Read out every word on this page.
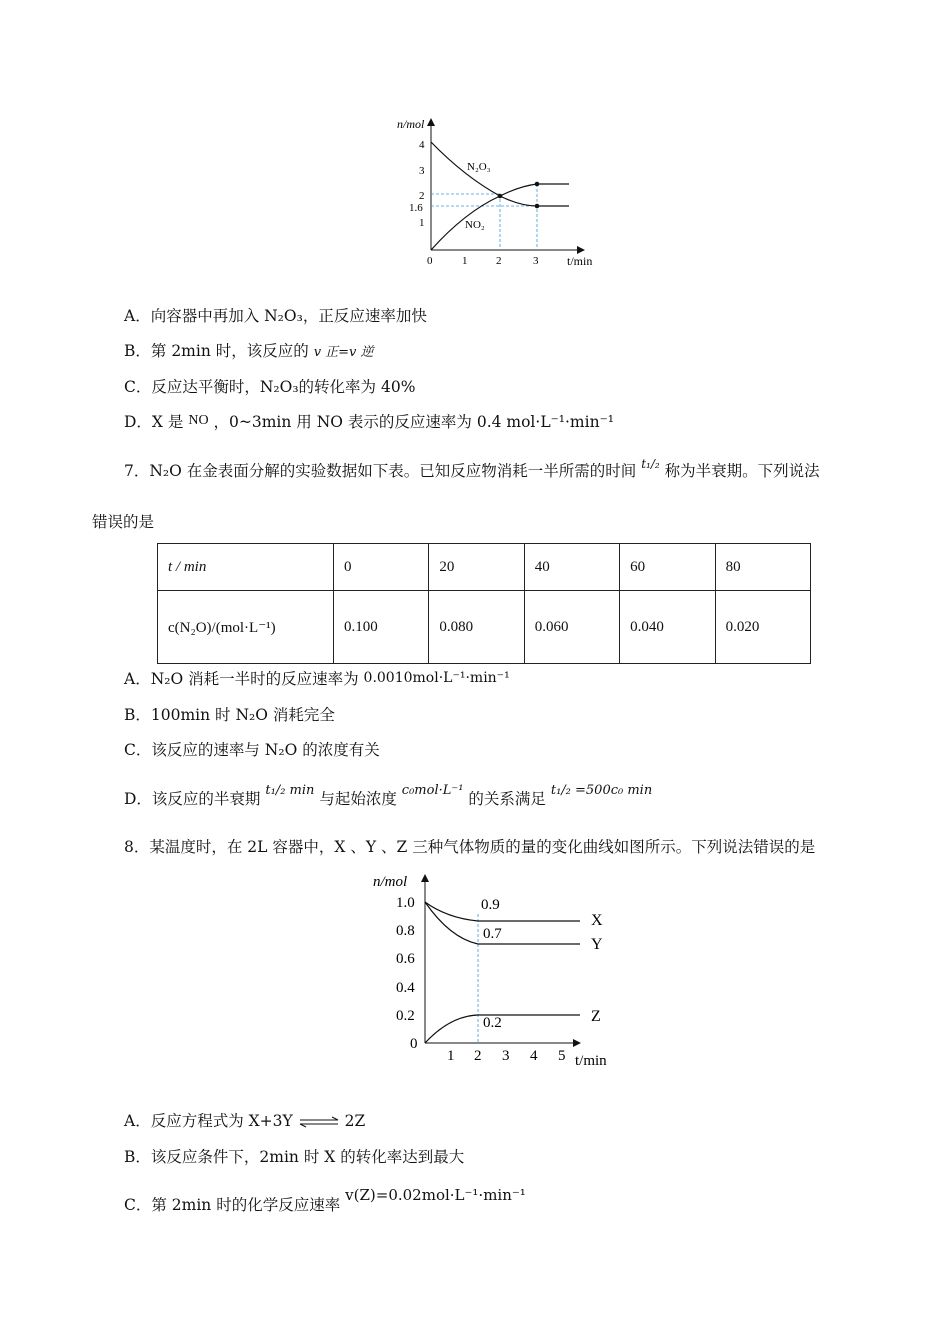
n/mol
t/min
4
3
2
1.6
1
0	1	2	3
N₂O₃
NO₂
A．向容器中再加入 N₂O₃，正反应速率加快
B．第 2min 时，该反应的 v 正=v 逆
C．反应达平衡时，N₂O₃的转化率为 40%
D．X 是 NO ，0~3min 用 NO 表示的反应速率为 0.4 mol·L⁻¹·min⁻¹
7．N₂O 在金表面分解的实验数据如下表。已知反应物消耗一半所需的时间 $^{t_1/_2}$ 称为半衰期。下列说法
错误的是
t / min	0	20	40	60	80
c(N₂O)/(mol·L⁻¹)	0.100	0.080	0.060	0.040	0.020
A．N₂O 消耗一半时的反应速率为 0.0010mol·L⁻¹·min⁻¹
B．100min 时 N₂O 消耗完全
C．该反应的速率与 N₂O 的浓度有关
D．该反应的半衰期 $^{t_1/_2 min}$ 与起始浓度 $^{c_0mol\cdot L^{-1}}$ 的关系满足 $^{t_1/_2 =500c_0 min}$
8．某温度时，在 2L 容器中，X 、Y 、Z 三种气体物质的量的变化曲线如图所示。下列说法错误的是
n/mol
t/min
1.0
0.8
0.6
0.4
0.2
0
1 2 3 4 5
0.9
0.7
0.2
X
Y
Z
A．反应方程式为 X+3Y ⇌ 2Z
B．该反应条件下，2min 时 X 的转化率达到最大
C．第 2min 时的化学反应速率 v(Z)=0.02mol·L⁻¹·min⁻¹
